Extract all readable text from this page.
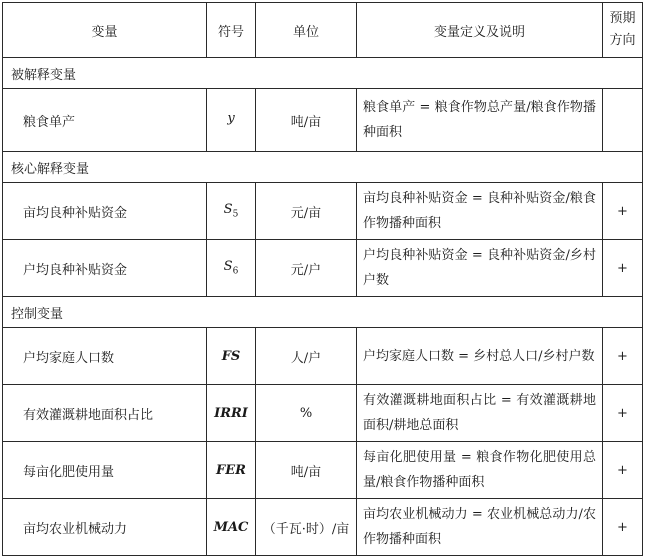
变量	符号	单位	变量定义及说明	预期
方向
被解释变量				
粮食单产	y	吨/亩	粮食单产 = 粮食作物总产量/粮食作物播种面积	
核心解释变量				
亩均良种补贴资金	$S_5$	元/亩	亩均良种补贴资金 = 良种补贴资金/粮食作物播种面积	+
户均良种补贴资金	$S_6$	元/户	户均良种补贴资金 = 良种补贴资金/乡村户数	+
控制变量				
户均家庭人口数	FS	人/户	户均家庭人口数 = 乡村总人口/乡村户数	+
有效灌溉耕地面积占比	IRRI	%	有效灌溉耕地面积占比 = 有效灌溉耕地面积/耕地总面积	+
每亩化肥使用量	FER	吨/亩	每亩化肥使用量 = 粮食作物化肥使用总量/粮食作物播种面积	+
亩均农业机械动力	MAC	（千瓦·时）/亩	亩均农业机械动力 = 农业机械总动力/农作物播种面积	+
